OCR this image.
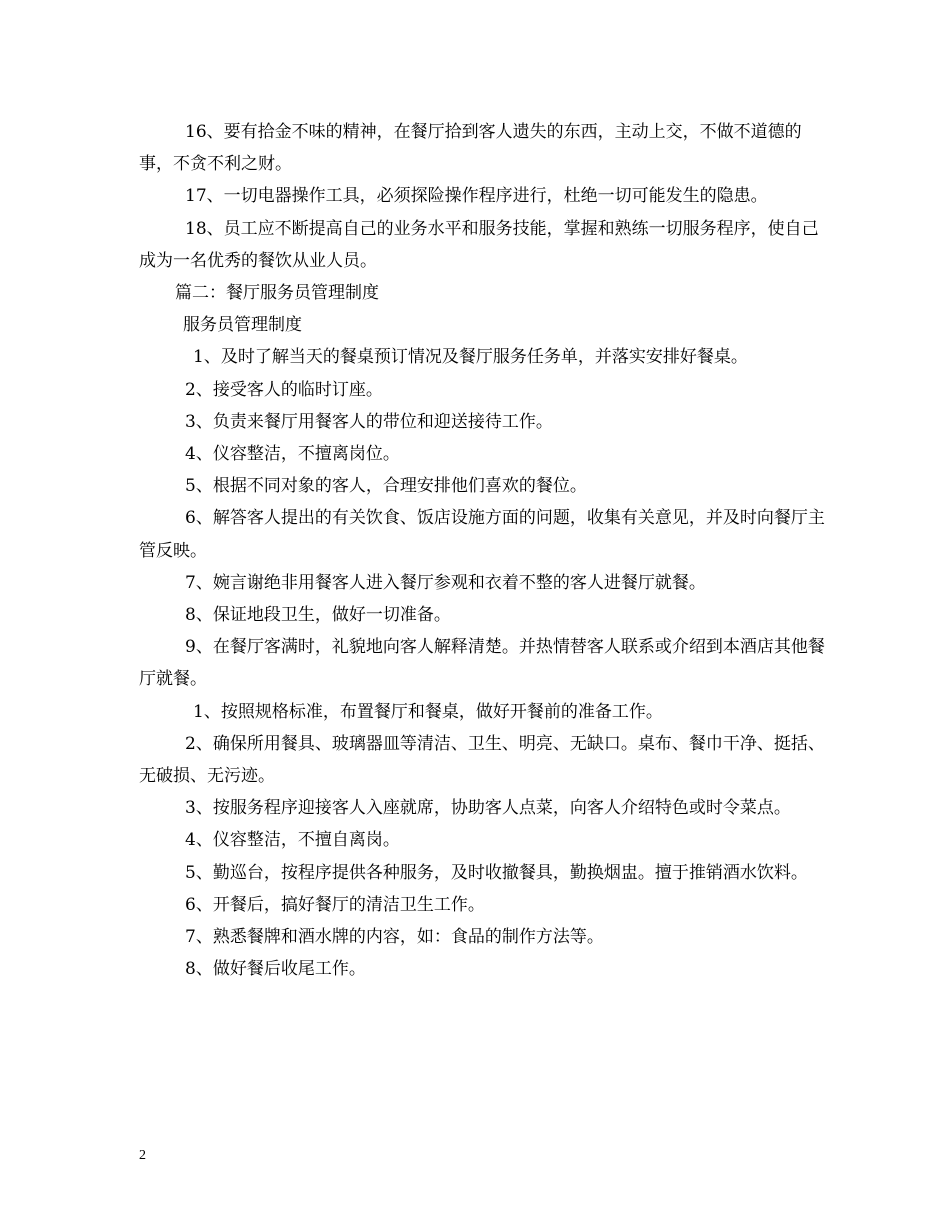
16、要有拾金不味的精神，在餐厅拾到客人遗失的东西，主动上交，不做不道德的事，不贪不利之财。

17、一切电器操作工具，必须探险操作程序进行，杜绝一切可能发生的隐患。

18、员工应不断提高自己的业务水平和服务技能，掌握和熟练一切服务程序，使自己成为一名优秀的餐饮从业人员。

篇二：餐厅服务员管理制度

服务员管理制度

1、及时了解当天的餐桌预订情况及餐厅服务任务单，并落实安排好餐桌。

2、接受客人的临时订座。

3、负责来餐厅用餐客人的带位和迎送接待工作。

4、仪容整洁，不擅离岗位。

5、根据不同对象的客人，合理安排他们喜欢的餐位。

6、解答客人提出的有关饮食、饭店设施方面的问题，收集有关意见，并及时向餐厅主管反映。

7、婉言谢绝非用餐客人进入餐厅参观和衣着不整的客人进餐厅就餐。

8、保证地段卫生，做好一切准备。

9、在餐厅客满时，礼貌地向客人解释清楚。并热情替客人联系或介绍到本酒店其他餐厅就餐。

1、按照规格标准，布置餐厅和餐桌，做好开餐前的准备工作。

2、确保所用餐具、玻璃器皿等清洁、卫生、明亮、无缺口。桌布、餐巾干净、挺括、无破损、无污迹。

3、按服务程序迎接客人入座就席，协助客人点菜，向客人介绍特色或时令菜点。

4、仪容整洁，不擅自离岗。

5、勤巡台，按程序提供各种服务，及时收撤餐具，勤换烟盅。擅于推销酒水饮料。

6、开餐后，搞好餐厅的清洁卫生工作。

7、熟悉餐牌和酒水牌的内容，如：食品的制作方法等。

8、做好餐后收尾工作。

2
